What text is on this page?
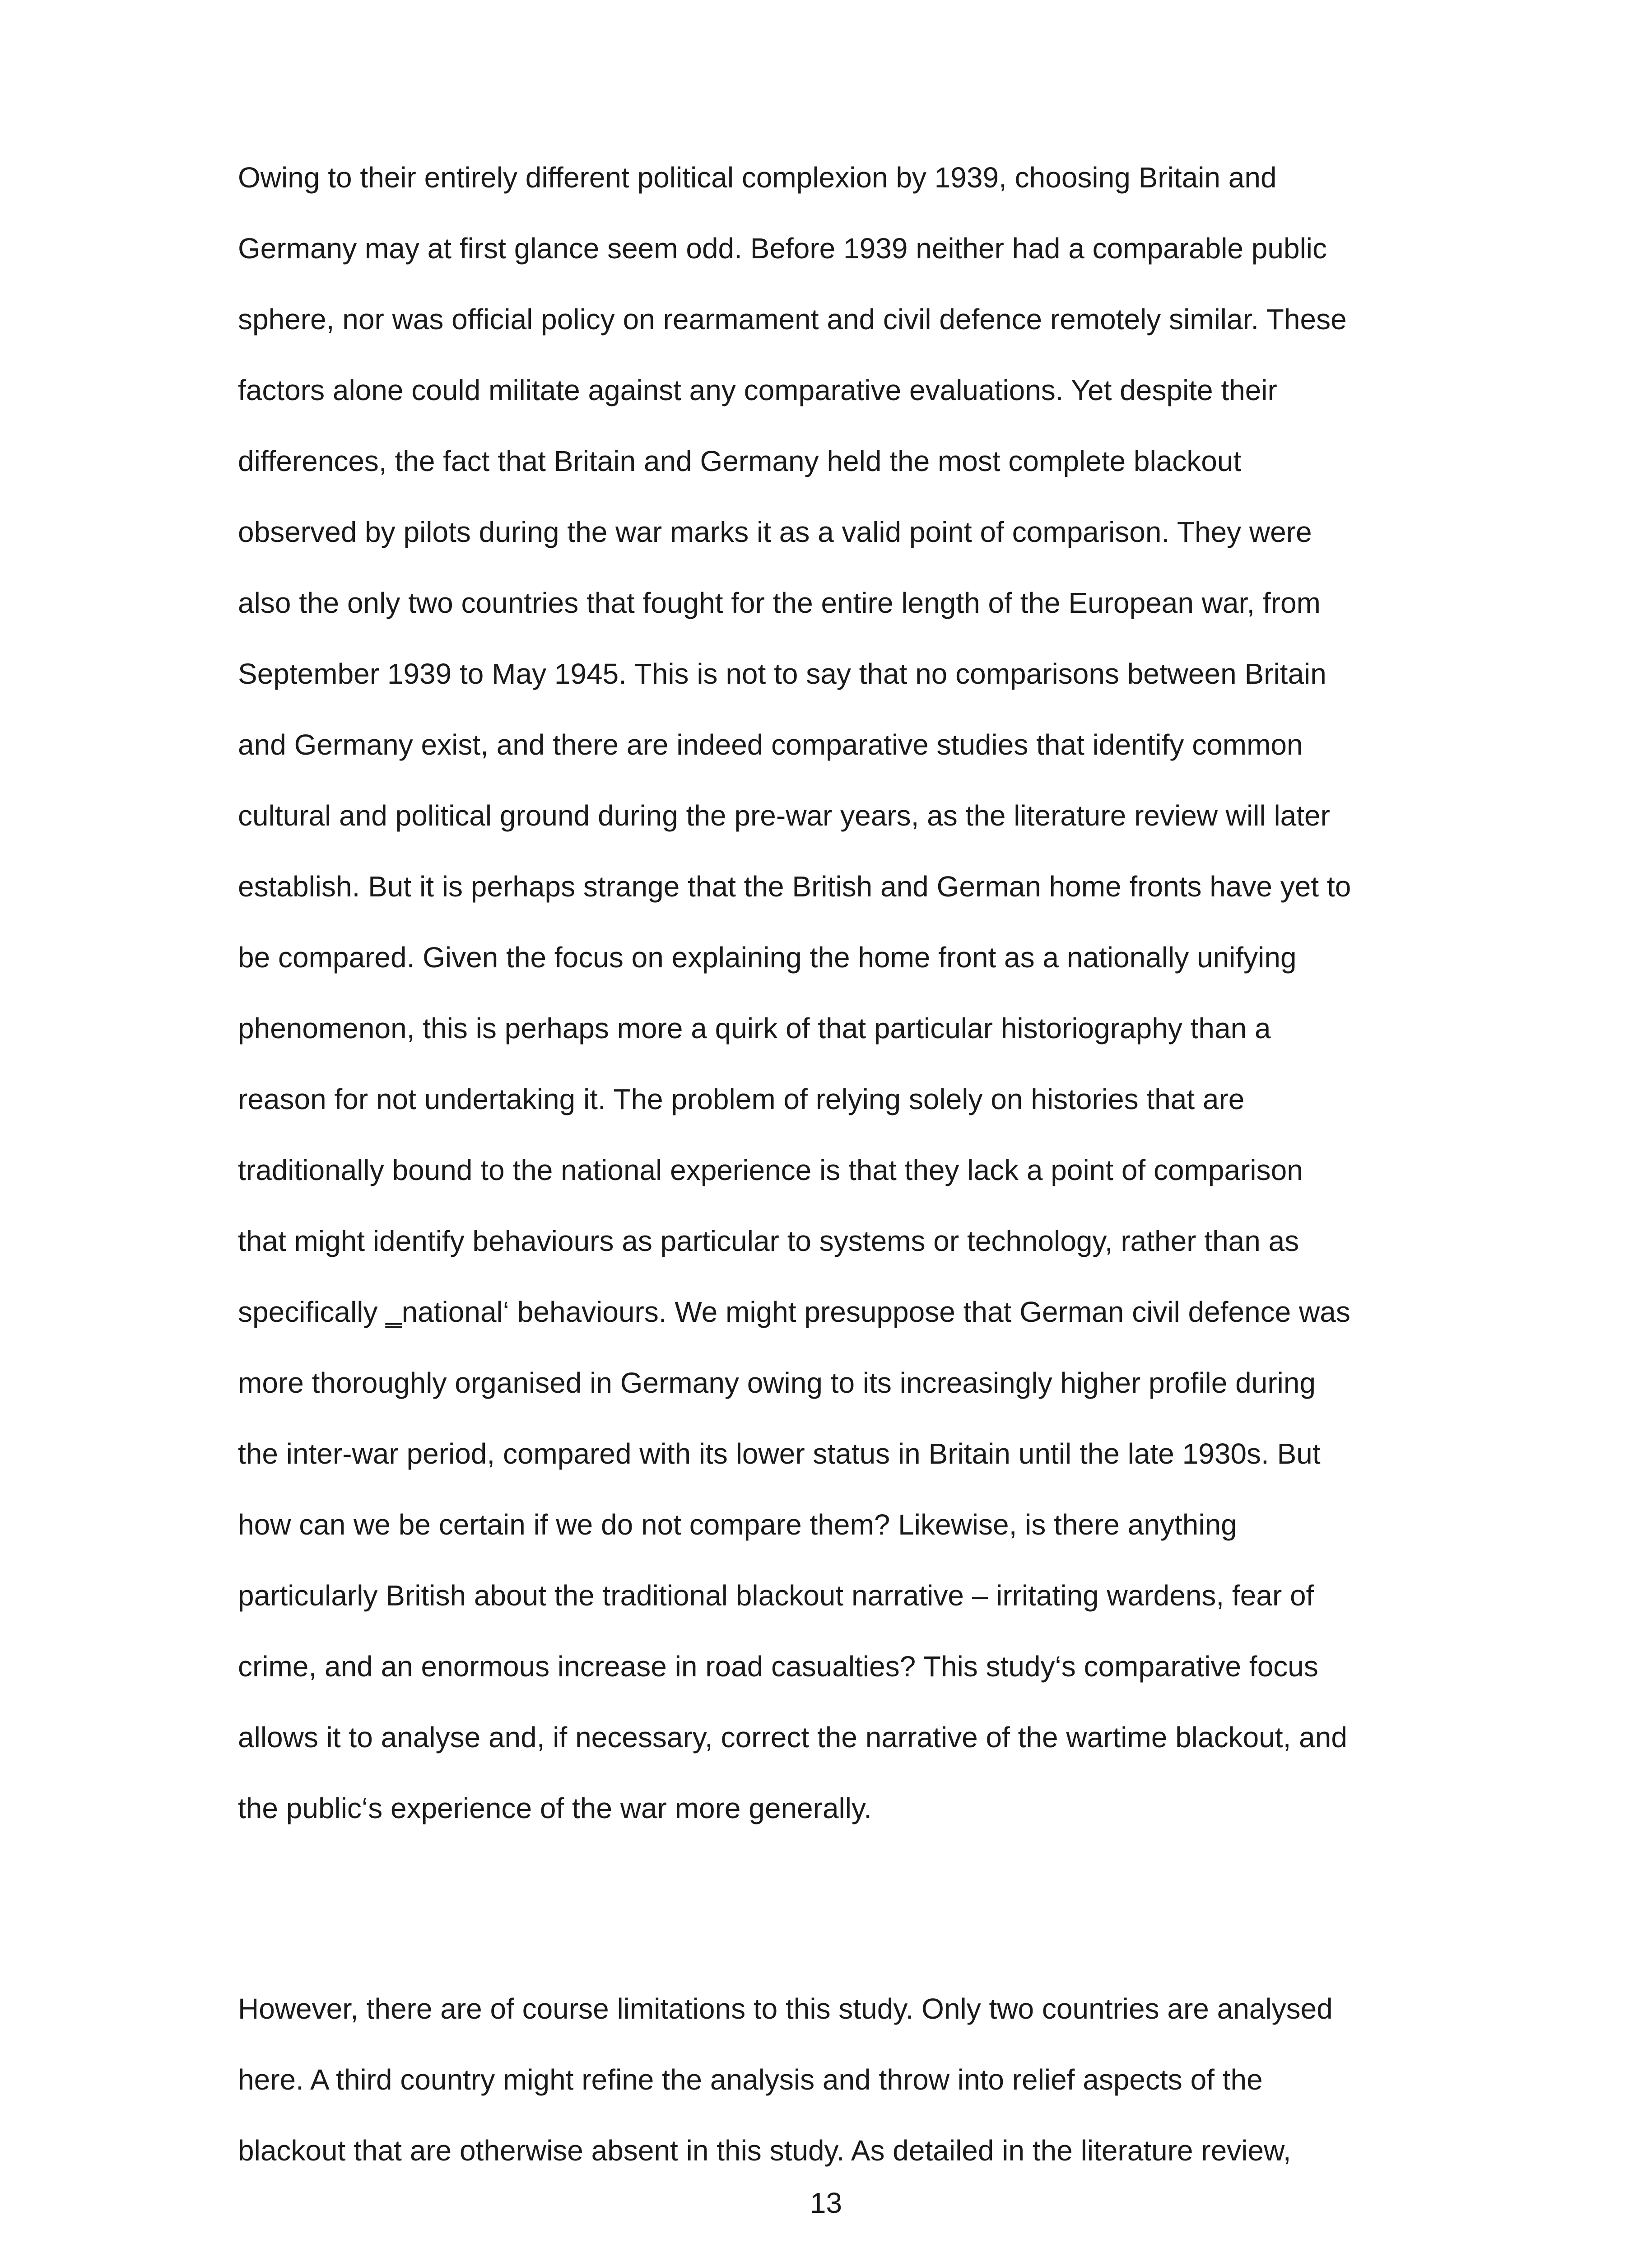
Owing to their entirely different political complexion by 1939, choosing Britain and
Germany may at first glance seem odd. Before 1939 neither had a comparable public
sphere, nor was official policy on rearmament and civil defence remotely similar. These
factors alone could militate against any comparative evaluations. Yet despite their
differences, the fact that Britain and Germany held the most complete blackout
observed by pilots during the war marks it as a valid point of comparison. They were
also the only two countries that fought for the entire length of the European war, from
September 1939 to May 1945. This is not to say that no comparisons between Britain
and Germany exist, and there are indeed comparative studies that identify common
cultural and political ground during the pre-war years, as the literature review will later
establish. But it is perhaps strange that the British and German home fronts have yet to
be compared. Given the focus on explaining the home front as a nationally unifying
phenomenon, this is perhaps more a quirk of that particular historiography than a
reason for not undertaking it. The problem of relying solely on histories that are
traditionally bound to the national experience is that they lack a point of comparison
that might identify behaviours as particular to systems or technology, rather than as
specifically ‗national‘ behaviours. We might presuppose that German civil defence was
more thoroughly organised in Germany owing to its increasingly higher profile during
the inter-war period, compared with its lower status in Britain until the late 1930s. But
how can we be certain if we do not compare them? Likewise, is there anything
particularly British about the traditional blackout narrative – irritating wardens, fear of
crime, and an enormous increase in road casualties? This study‘s comparative focus
allows it to analyse and, if necessary, correct the narrative of the wartime blackout, and
the public‘s experience of the war more generally.
However, there are of course limitations to this study. Only two countries are analysed
here. A third country might refine the analysis and throw into relief aspects of the
blackout that are otherwise absent in this study. As detailed in the literature review,
13
